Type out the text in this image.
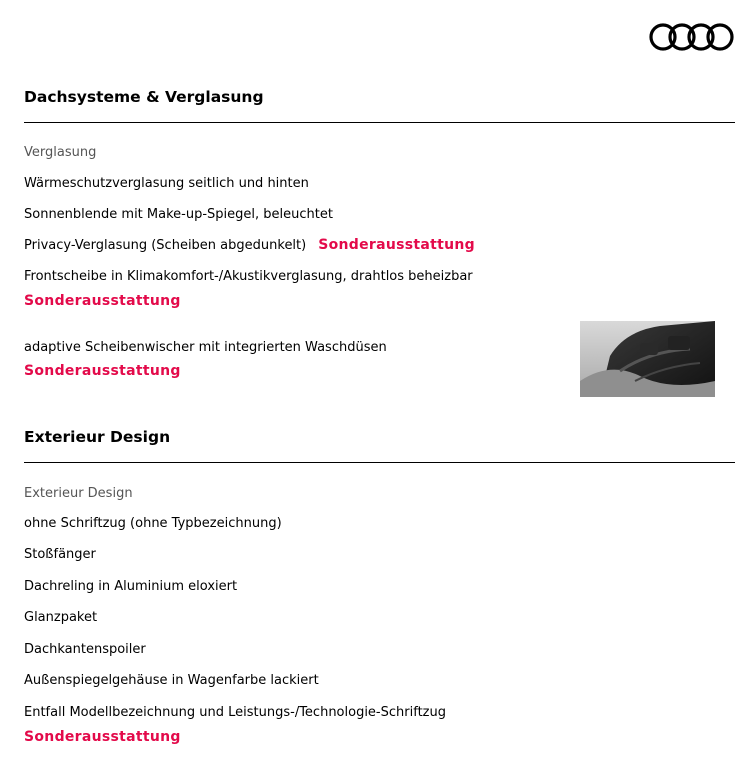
Dachsysteme & Verglasung
Verglasung
Wärmeschutzverglasung seitlich und hinten
Sonnenblende mit Make-up-Spiegel, beleuchtet
Privacy-Verglasung (Scheiben abgedunkelt) Sonderausstattung
Frontscheibe in Klimakomfort-/Akustikverglasung, drahtlos beheizbar
Sonderausstattung
adaptive Scheibenwischer mit integrierten Waschdüsen
Sonderausstattung
Exterieur Design
Exterieur Design
ohne Schriftzug (ohne Typbezeichnung)
Stoßfänger
Dachreling in Aluminium eloxiert
Glanzpaket
Dachkantenspoiler
Außenspiegelgehäuse in Wagenfarbe lackiert
Entfall Modellbezeichnung und Leistungs-/Technologie-Schriftzug
Sonderausstattung
